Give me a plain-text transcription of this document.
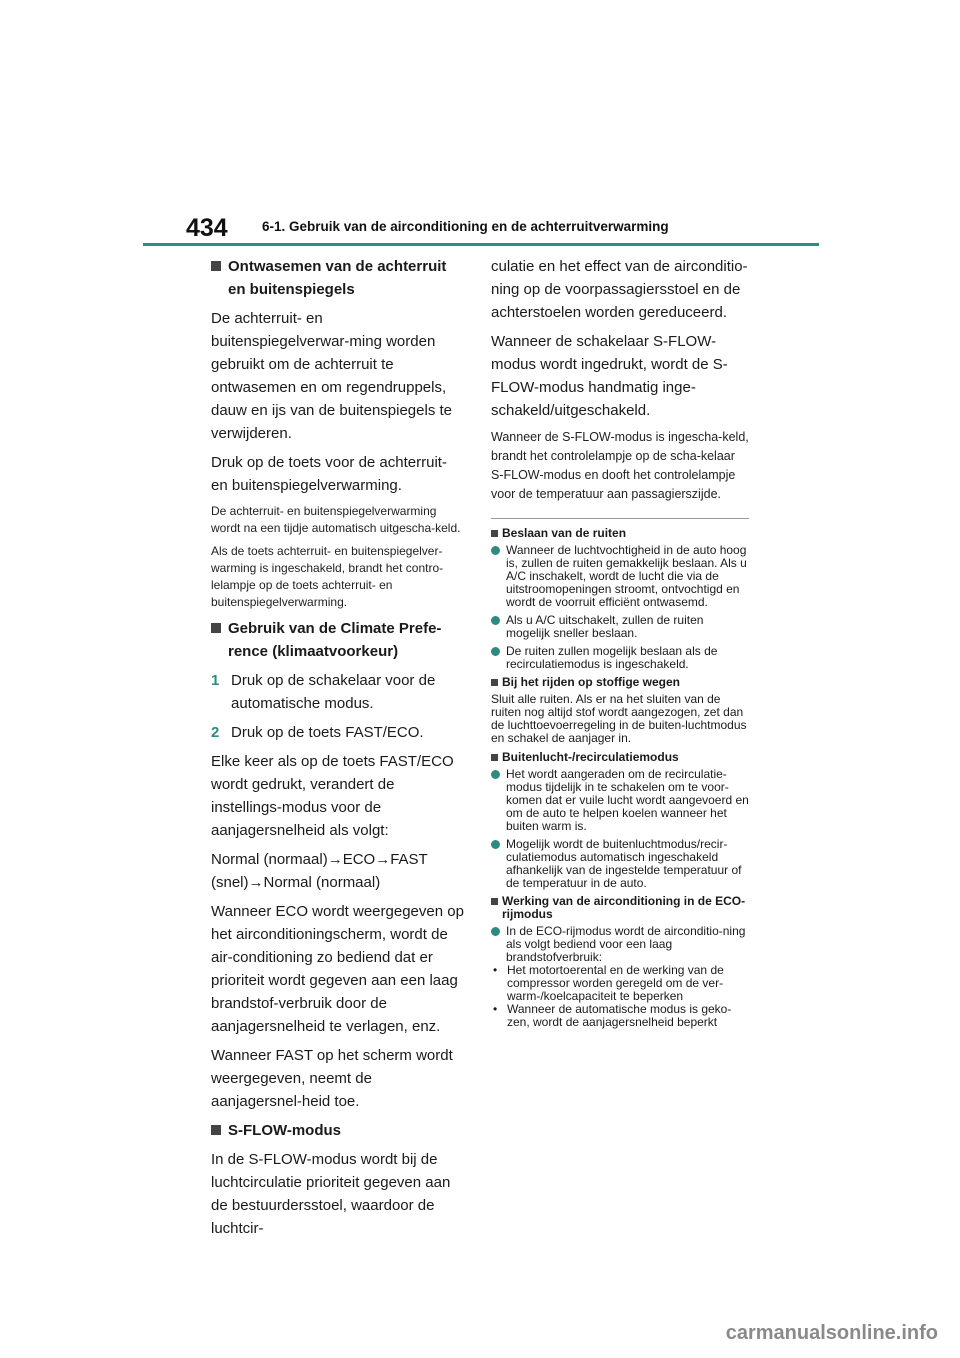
434	6-1. Gebruik van de airconditioning en de achterruitverwarming
Ontwasemen van de achterruit en buitenspiegels

De achterruit- en buitenspiegelverwar-ming worden gebruikt om de achterruit te ontwasemen en om regendruppels, dauw en ijs van de buitenspiegels te verwijderen.

Druk op de toets voor de achterruit- en buitenspiegelverwarming.

De achterruit- en buitenspiegelverwarming wordt na een tijdje automatisch uitgescha-keld.

Als de toets achterruit- en buitenspiegelver-warming is ingeschakeld, brandt het contro-lelampje op de toets achterruit- en buitenspiegelverwarming.

Gebruik van de Climate Prefe-rence (klimaatvoorkeur)
1 Druk op de schakelaar voor de automatische modus.
2 Druk op de toets FAST/ECO.

Elke keer als op de toets FAST/ECO wordt gedrukt, verandert de instellings-modus voor de aanjagersnelheid als volgt:

Normal (normaal)→ECO→FAST (snel)→Normal (normaal)

Wanneer ECO wordt weergegeven op het airconditioningscherm, wordt de air-conditioning zo bediend dat er prioriteit wordt gegeven aan een laag brandstof-verbruik door de aanjagersnelheid te verlagen, enz.

Wanneer FAST op het scherm wordt weergegeven, neemt de aanjagersnel-heid toe.

S-FLOW-modus

In de S-FLOW-modus wordt bij de luchtcirculatie prioriteit gegeven aan de bestuurdersstoel, waardoor de luchtcir-

culatie en het effect van de airconditio-ning op de voorpassagiersstoel en de achterstoelen worden gereduceerd.

Wanneer de schakelaar S-FLOW-modus wordt ingedrukt, wordt de S-FLOW-modus handmatig inge-schakeld/uitgeschakeld.

Wanneer de S-FLOW-modus is ingescha-keld, brandt het controlelampje op de scha-kelaar S-FLOW-modus en dooft het controlelampje voor de temperatuur aan passagierszijde.

Beslaan van de ruiten
Wanneer de luchtvochtigheid in de auto hoog is, zullen de ruiten gemakkelijk beslaan. Als u A/C inschakelt, wordt de lucht die via de uitstroomopeningen stroomt, ontvochtigd en wordt de voorruit efficiënt ontwasemd.
Als u A/C uitschakelt, zullen de ruiten mogelijk sneller beslaan.
De ruiten zullen mogelijk beslaan als de recirculatiemodus is ingeschakeld.
Bij het rijden op stoffige wegen

Sluit alle ruiten. Als er na het sluiten van de ruiten nog altijd stof wordt aangezogen, zet dan de luchttoevoerregeling in de buiten-luchtmodus en schakel de aanjager in.

Buitenlucht-/recirculatiemodus
Het wordt aangeraden om de recirculatie-modus tijdelijk in te schakelen om te voor-komen dat er vuile lucht wordt aangevoerd en om de auto te helpen koelen wanneer het buiten warm is.
Mogelijk wordt de buitenluchtmodus/recir-culatiemodus automatisch ingeschakeld afhankelijk van de ingestelde temperatuur of de temperatuur in de auto.
Werking van de airconditioning in de ECO-rijmodus
In de ECO-rijmodus wordt de airconditio-ning als volgt bediend voor een laag brandstofverbruik:
• Het motortoerental en de werking van de compressor worden geregeld om de ver-warm-/koelcapaciteit te beperken
• Wanneer de automatische modus is geko-zen, wordt de aanjagersnelheid beperkt
carmanualsonline.info
